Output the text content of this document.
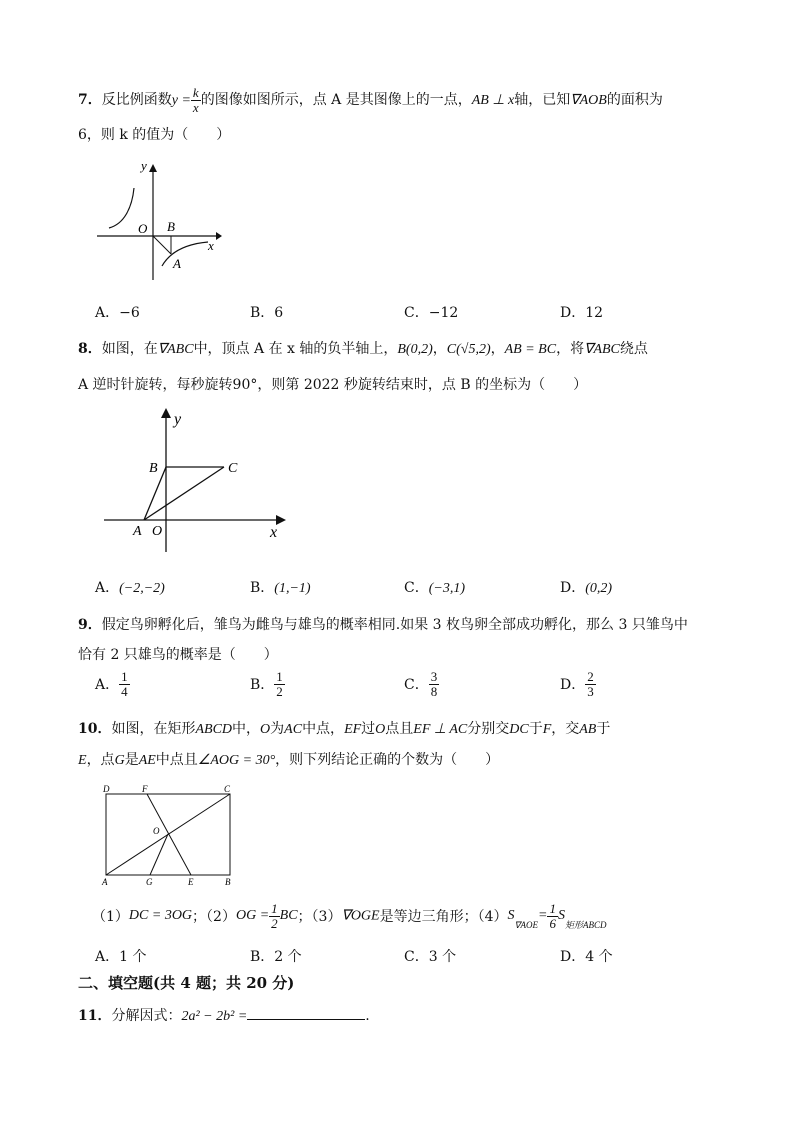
7．反比例函数$y = \frac{k}{x}$ 的图像如图所示，点 A 是其图像上的一点，AB ⊥ x轴，已知∇AOB的面积为
6，则 k 的值为（　　）
y
O B
x
A
A．−6	B．6	C．−12	D．12
8．如图，在∇ABC中，顶点 A 在 x 轴的负半轴上，B(0,2)，C(√5,2)，AB = BC，将∇ABC绕点
A 逆时针旋转，每秒旋转90°，则第 2022 秒旋转结束时，点 B 的坐标为（　　）
y
B	C
A O	x
A．(−2,−2)	B．(1,−1)	C．(−3,1)	D．(0,2)
9．假定鸟卵孵化后，雏鸟为雌鸟与雄鸟的概率相同.如果 3 枚鸟卵全部成功孵化，那么 3 只雏鸟中
恰有 2 只雄鸟的概率是（　　）
A． $\frac{1}{4}$	B． $\frac{1}{2}$	C． $\frac{3}{8}$	D． $\frac{2}{3}$
10．如图，在矩形ABCD中，O为AC中点，EF过O点且EF ⊥ AC分别交DC于F，交AB于
E，点G是AE中点且∠AOG = 30°，则下列结论正确的个数为（　　）
D	F	C
O
A	G	E	B
（1）DC = 3OG；$(2)OG = \frac{1}{2}$ BC；（3）∇OGE是等边三角形；$(4)S_{\nabla AOE}= \frac{1}{6} S_{矩形ABCD}$
A．1 个	B．2 个	C．3 个	D．4 个
二、填空题(共 4 题；共 20 分)
11．分解因式：2a² − 2b² =	.
